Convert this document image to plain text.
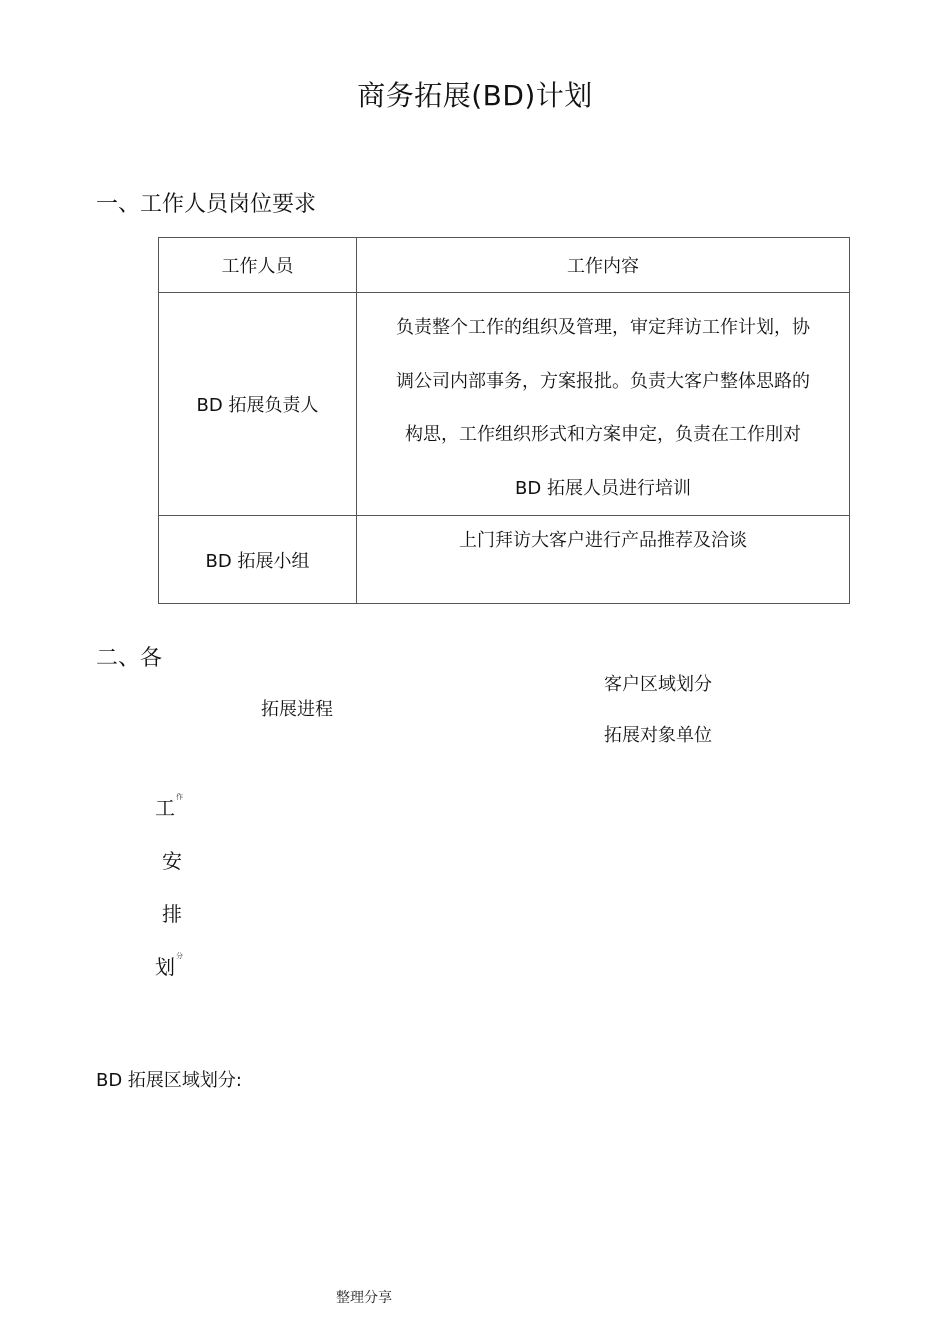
商务拓展(BD)计划
一、工作人员岗位要求
工作人员	工作内容
BD 拓展负责人	负责整个工作的组织及管理，审定拜访工作计划，协
调公司内部事务，方案报批。负责大客户整体思路的
构思，工作组织形式和方案申定，负责在工作刖对
BD 拓展人员进行培训

BD 拓展小组	上门拜访大客户进行产品推荐及洽谈
二、各
拓展进程
客户区域划分
拓展对象单位
工$^作$
安
排
划$^分$
BD 拓展区域划分:
整理分享
